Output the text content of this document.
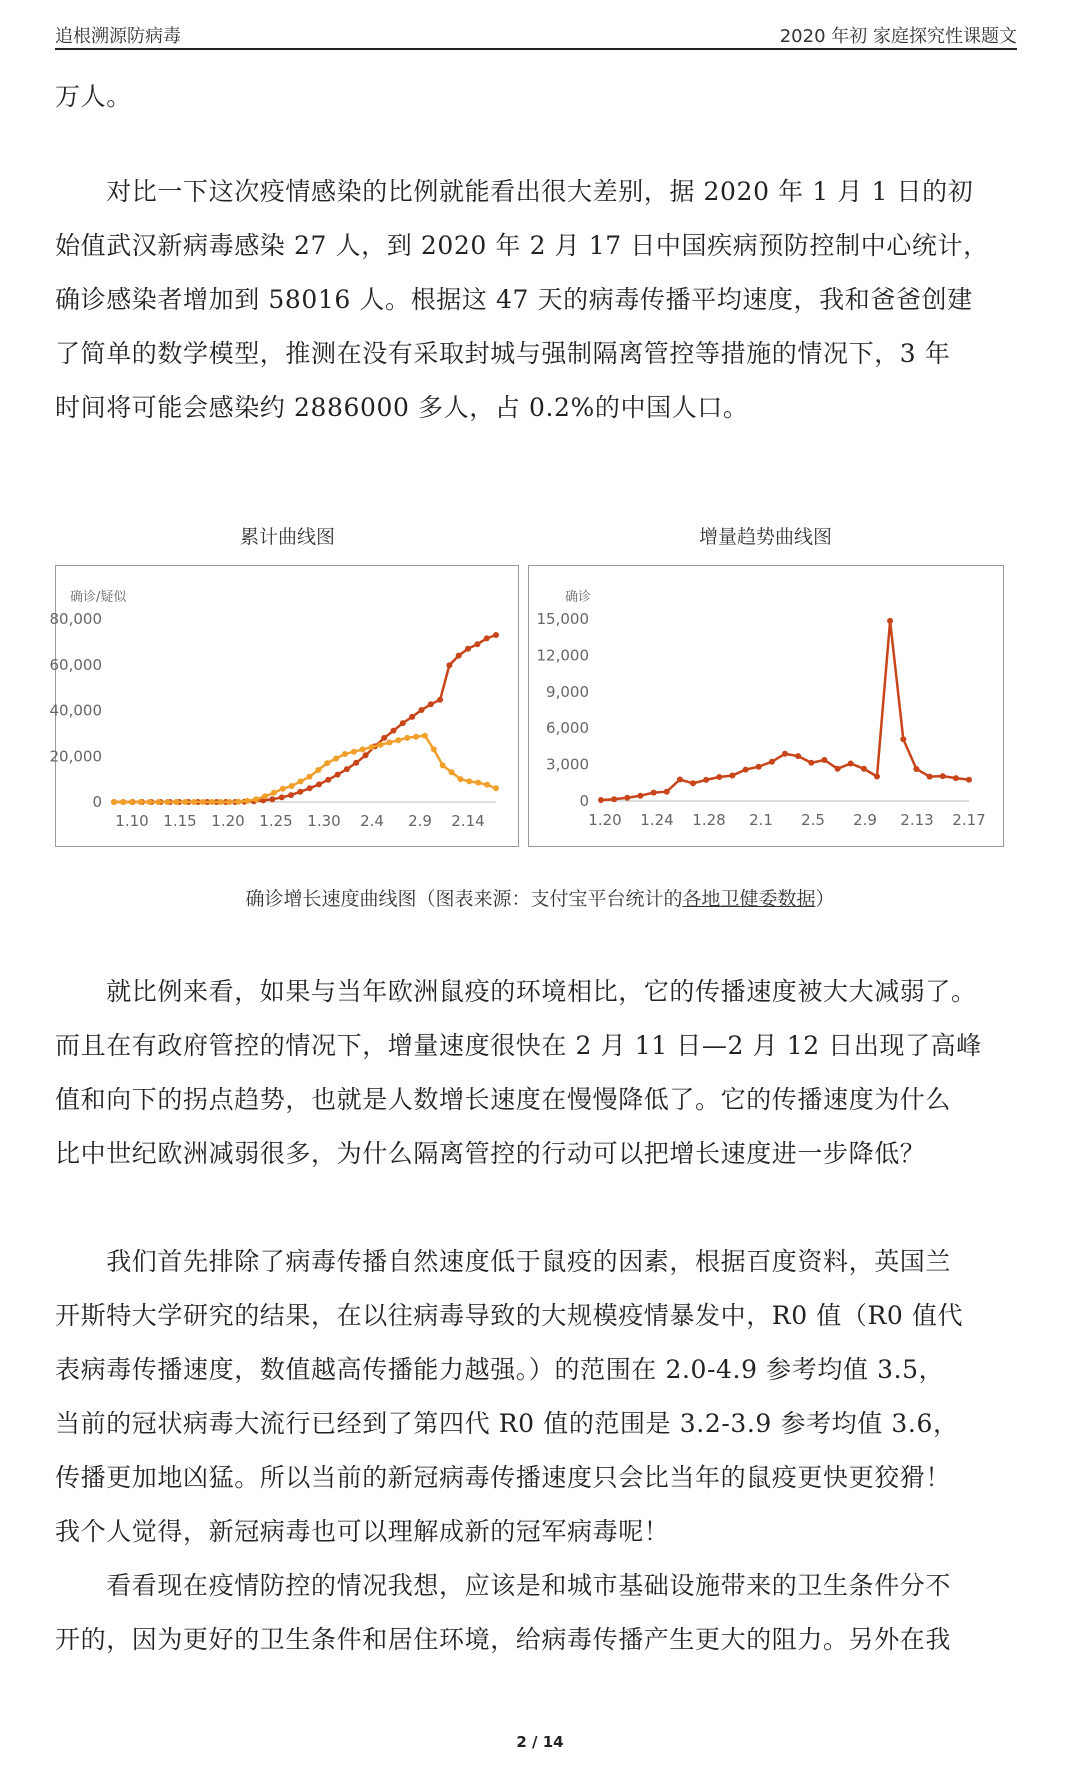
追根溯源防病毒	2020 年初 家庭探究性课题文
万人。
　　对比一下这次疫情感染的比例就能看出很大差别，据 2020 年 1 月 1 日的初
始值武汉新病毒感染 27 人，到 2020 年 2 月 17 日中国疾病预防控制中心统计，
确诊感染者增加到 58016 人。根据这 47 天的病毒传播平均速度，我和爸爸创建
了简单的数学模型，推测在没有采取封城与强制隔离管控等措施的情况下，3 年
时间将可能会感染约 2886000 多人，占 0.2%的中国人口。
累计曲线图
确诊/疑似
0
20,000
40,000
60,000
80,000
1.10 1.15 1.20 1.25 1.30 2.4 2.9 2.14
增量趋势曲线图
确诊
0
3,000
6,000
9,000
12,000
15,000
1.20 1.24 1.28 2.1 2.5 2.9 2.13 2.17
确诊增长速度曲线图（图表来源：支付宝平台统计的各地卫健委数据）
　　就比例来看，如果与当年欧洲鼠疫的环境相比，它的传播速度被大大减弱了。
而且在有政府管控的情况下，增量速度很快在 2 月 11 日—2 月 12 日出现了高峰
值和向下的拐点趋势，也就是人数增长速度在慢慢降低了。它的传播速度为什么
比中世纪欧洲减弱很多，为什么隔离管控的行动可以把增长速度进一步降低？
　　我们首先排除了病毒传播自然速度低于鼠疫的因素，根据百度资料，英国兰
开斯特大学研究的结果，在以往病毒导致的大规模疫情暴发中，R0 值（R0 值代
表病毒传播速度，数值越高传播能力越强。）的范围在 2.0-4.9 参考均值 3.5，
当前的冠状病毒大流行已经到了第四代 R0 值的范围是 3.2-3.9 参考均值 3.6，
传播更加地凶猛。所以当前的新冠病毒传播速度只会比当年的鼠疫更快更狡猾！
我个人觉得，新冠病毒也可以理解成新的冠军病毒呢！
　　看看现在疫情防控的情况我想，应该是和城市基础设施带来的卫生条件分不
开的，因为更好的卫生条件和居住环境，给病毒传播产生更大的阻力。另外在我
2 / 14
